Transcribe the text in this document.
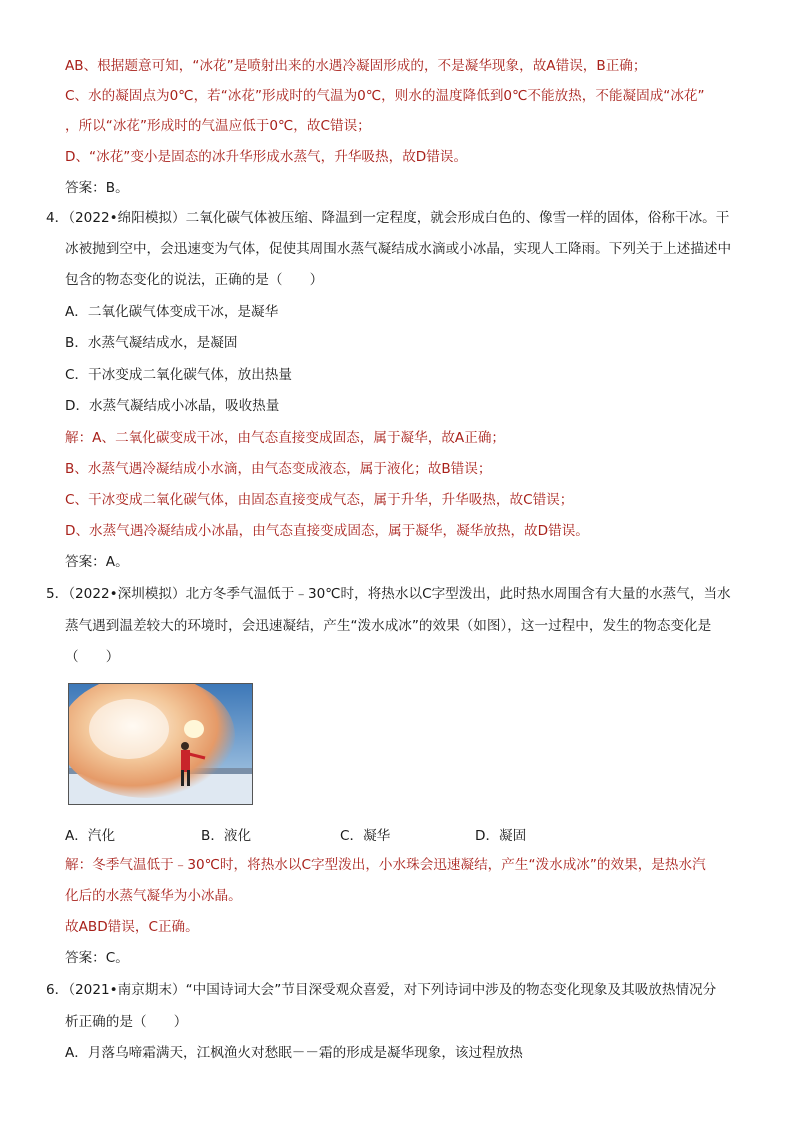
AB、根据题意可知，“冰花”是喷射出来的水遇冷凝固形成的，不是凝华现象，故A错误，B正确；
C、水的凝固点为0℃，若“冰花”形成时的气温为0℃，则水的温度降低到0℃不能放热，不能凝固成“冰花”
，所以“冰花”形成时的气温应低于0℃，故C错误；
D、“冰花”变小是固态的冰升华形成水蒸气，升华吸热，故D错误。
答案：B。
4．（2022•绵阳模拟）二氧化碳气体被压缩、降温到一定程度，就会形成白色的、像雪一样的固体，俗称干冰。干
冰被抛到空中，会迅速变为气体，促使其周围水蒸气凝结成水滴或小冰晶，实现人工降雨。下列关于上述描述中
包含的物态变化的说法，正确的是（　　）
A．二氧化碳气体变成干冰，是凝华
B．水蒸气凝结成水，是凝固
C．干冰变成二氧化碳气体，放出热量
D．水蒸气凝结成小冰晶，吸收热量
解：A、二氧化碳变成干冰，由气态直接变成固态，属于凝华，故A正确；
B、水蒸气遇冷凝结成小水滴，由气态变成液态，属于液化；故B错误；
C、干冰变成二氧化碳气体，由固态直接变成气态，属于升华，升华吸热，故C错误；
D、水蒸气遇冷凝结成小冰晶，由气态直接变成固态，属于凝华，凝华放热，故D错误。
答案：A。
5．（2022•深圳模拟）北方冬季气温低于﹣30℃时，将热水以C字型泼出，此时热水周围含有大量的水蒸气，当水
蒸气遇到温差较大的环境时，会迅速凝结，产生“泼水成冰”的效果（如图），这一过程中，发生的物态变化是
（　　）
A．汽化	B．液化	C．凝华	D．凝固
解：冬季气温低于﹣30℃时，将热水以C字型泼出，小水珠会迅速凝结，产生“泼水成冰”的效果，是热水汽
化后的水蒸气凝华为小冰晶。
故ABD错误，C正确。
答案：C。
6．（2021•南京期末）“中国诗词大会”节目深受观众喜爱，对下列诗词中涉及的物态变化现象及其吸放热情况分
析正确的是（　　）
A．月落乌啼霜满天，江枫渔火对愁眠－－霜的形成是凝华现象，该过程放热
